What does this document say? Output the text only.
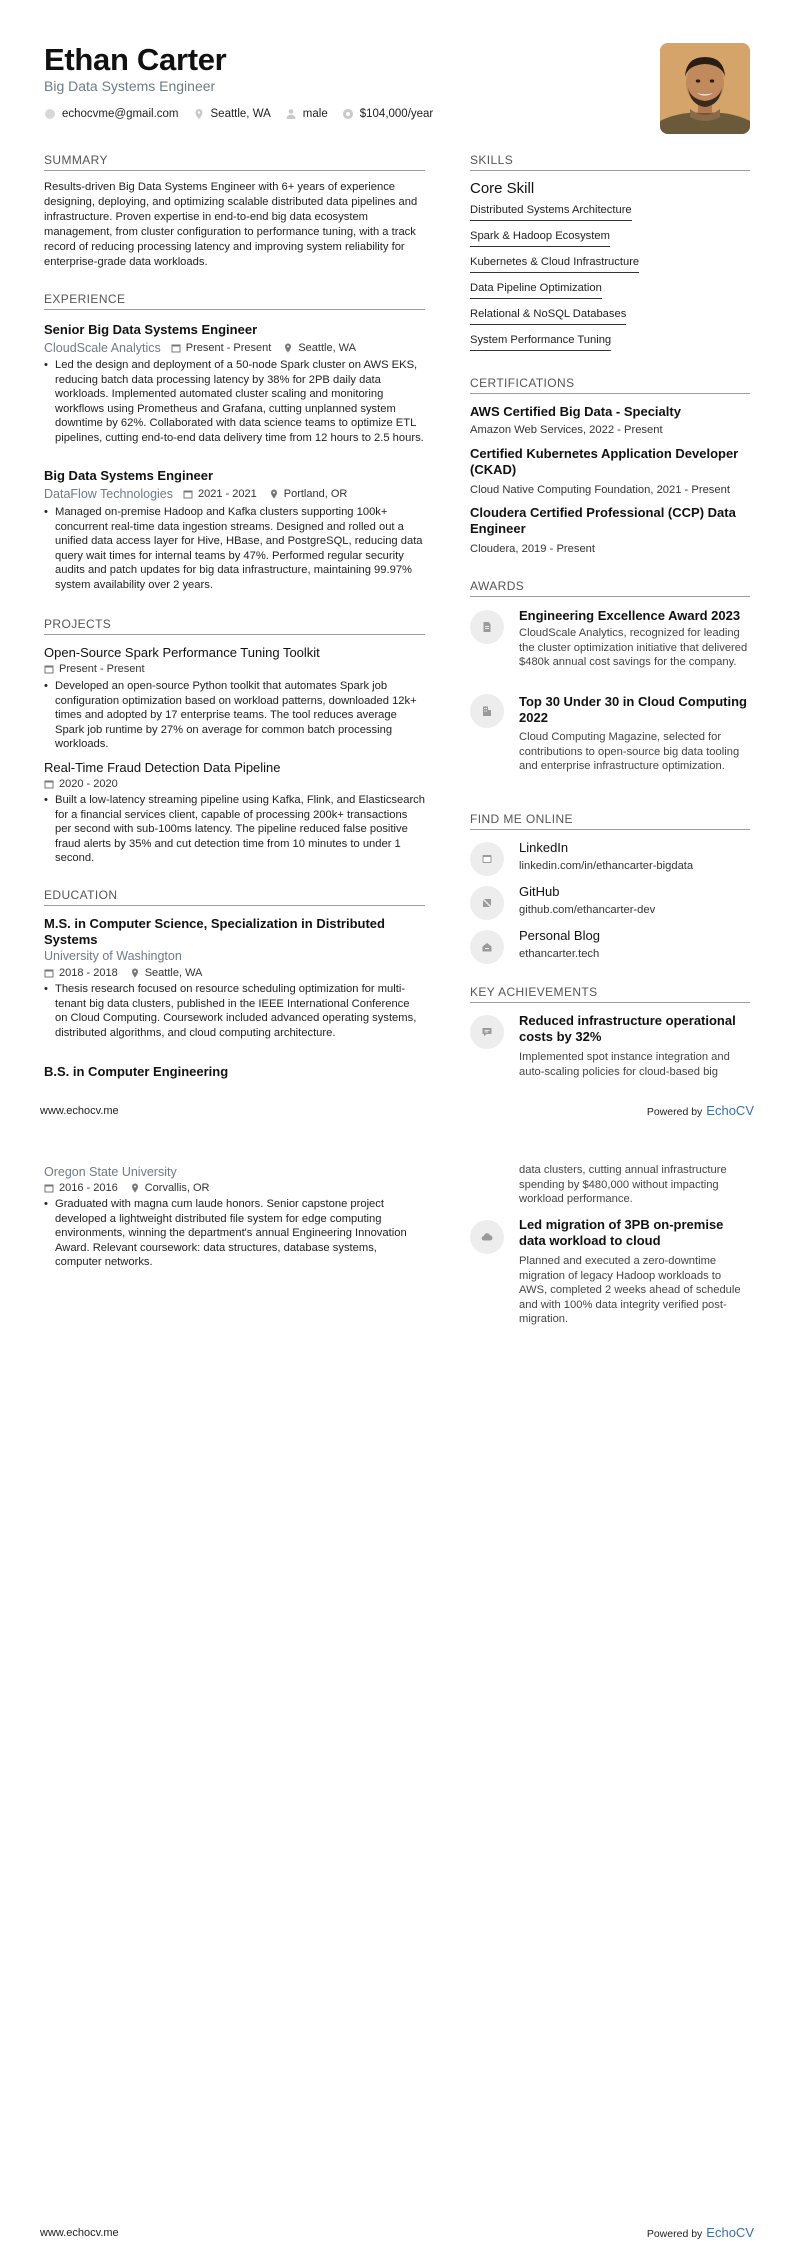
Ethan Carter
Big Data Systems Engineer
echocvme@gmail.com	Seattle, WA	male	$104,000/year
SUMMARY
Results-driven Big Data Systems Engineer with 6+ years of experience designing, deploying, and optimizing scalable distributed data pipelines and infrastructure. Proven expertise in end-to-end big data ecosystem management, from cluster configuration to performance tuning, with a track record of reducing processing latency and improving system reliability for enterprise-grade data workloads.
EXPERIENCE
Senior Big Data Systems Engineer
CloudScale Analytics Present - Present Seattle, WA
• Led the design and deployment of a 50-node Spark cluster on AWS EKS, reducing batch data processing latency by 38% for 2PB daily data workloads. Implemented automated cluster scaling and monitoring workflows using Prometheus and Grafana, cutting unplanned system downtime by 62%. Collaborated with data science teams to optimize ETL pipelines, cutting end-to-end data delivery time from 12 hours to 2.5 hours.
Big Data Systems Engineer
DataFlow Technologies 2021 - 2021 Portland, OR
• Managed on-premise Hadoop and Kafka clusters supporting 100k+ concurrent real-time data ingestion streams. Designed and rolled out a unified data access layer for Hive, HBase, and PostgreSQL, reducing data query wait times for internal teams by 47%. Performed regular security audits and patch updates for big data infrastructure, maintaining 99.97% system availability over 2 years.
PROJECTS
Open-Source Spark Performance Tuning Toolkit
Present - Present
• Developed an open-source Python toolkit that automates Spark job configuration optimization based on workload patterns, downloaded 12k+ times and adopted by 17 enterprise teams. The tool reduces average Spark job runtime by 27% on average for common batch processing workloads.
Real-Time Fraud Detection Data Pipeline
2020 - 2020
• Built a low-latency streaming pipeline using Kafka, Flink, and Elasticsearch for a financial services client, capable of processing 200k+ transactions per second with sub-100ms latency. The pipeline reduced false positive fraud alerts by 35% and cut detection time from 10 minutes to under 1 second.
EDUCATION
M.S. in Computer Science, Specialization in Distributed Systems
University of Washington
2018 - 2018 Seattle, WA
• Thesis research focused on resource scheduling optimization for multi-tenant big data clusters, published in the IEEE International Conference on Cloud Computing. Coursework included advanced operating systems, distributed algorithms, and cloud computing architecture.
B.S. in Computer Engineering
www.echocv.me	Powered by EchoCV
Oregon State University
2016 - 2016 Corvallis, OR
• Graduated with magna cum laude honors. Senior capstone project developed a lightweight distributed file system for edge computing environments, winning the department's annual Engineering Innovation Award. Relevant coursework: data structures, database systems, computer networks.
SKILLS
Core Skill
Distributed Systems Architecture
Spark & Hadoop Ecosystem
Kubernetes & Cloud Infrastructure
Data Pipeline Optimization
Relational & NoSQL Databases
System Performance Tuning
CERTIFICATIONS
AWS Certified Big Data - Specialty
Amazon Web Services, 2022 - Present
Certified Kubernetes Application Developer (CKAD)
Cloud Native Computing Foundation, 2021 - Present
Cloudera Certified Professional (CCP) Data Engineer
Cloudera, 2019 - Present
AWARDS
Engineering Excellence Award 2023
CloudScale Analytics, recognized for leading the cluster optimization initiative that delivered $480k annual cost savings for the company.
Top 30 Under 30 in Cloud Computing 2022
Cloud Computing Magazine, selected for contributions to open-source big data tooling and enterprise infrastructure optimization.
FIND ME ONLINE
LinkedIn
linkedin.com/in/ethancarter-bigdata
GitHub
github.com/ethancarter-dev
Personal Blog
ethancarter.tech
KEY ACHIEVEMENTS
Reduced infrastructure operational costs by 32%
Implemented spot instance integration and auto-scaling policies for cloud-based big
www.echocv.me	Powered by EchoCV
data clusters, cutting annual infrastructure spending by $480,000 without impacting workload performance.
Led migration of 3PB on-premise data workload to cloud
Planned and executed a zero-downtime migration of legacy Hadoop workloads to AWS, completed 2 weeks ahead of schedule and with 100% data integrity verified post-migration.
